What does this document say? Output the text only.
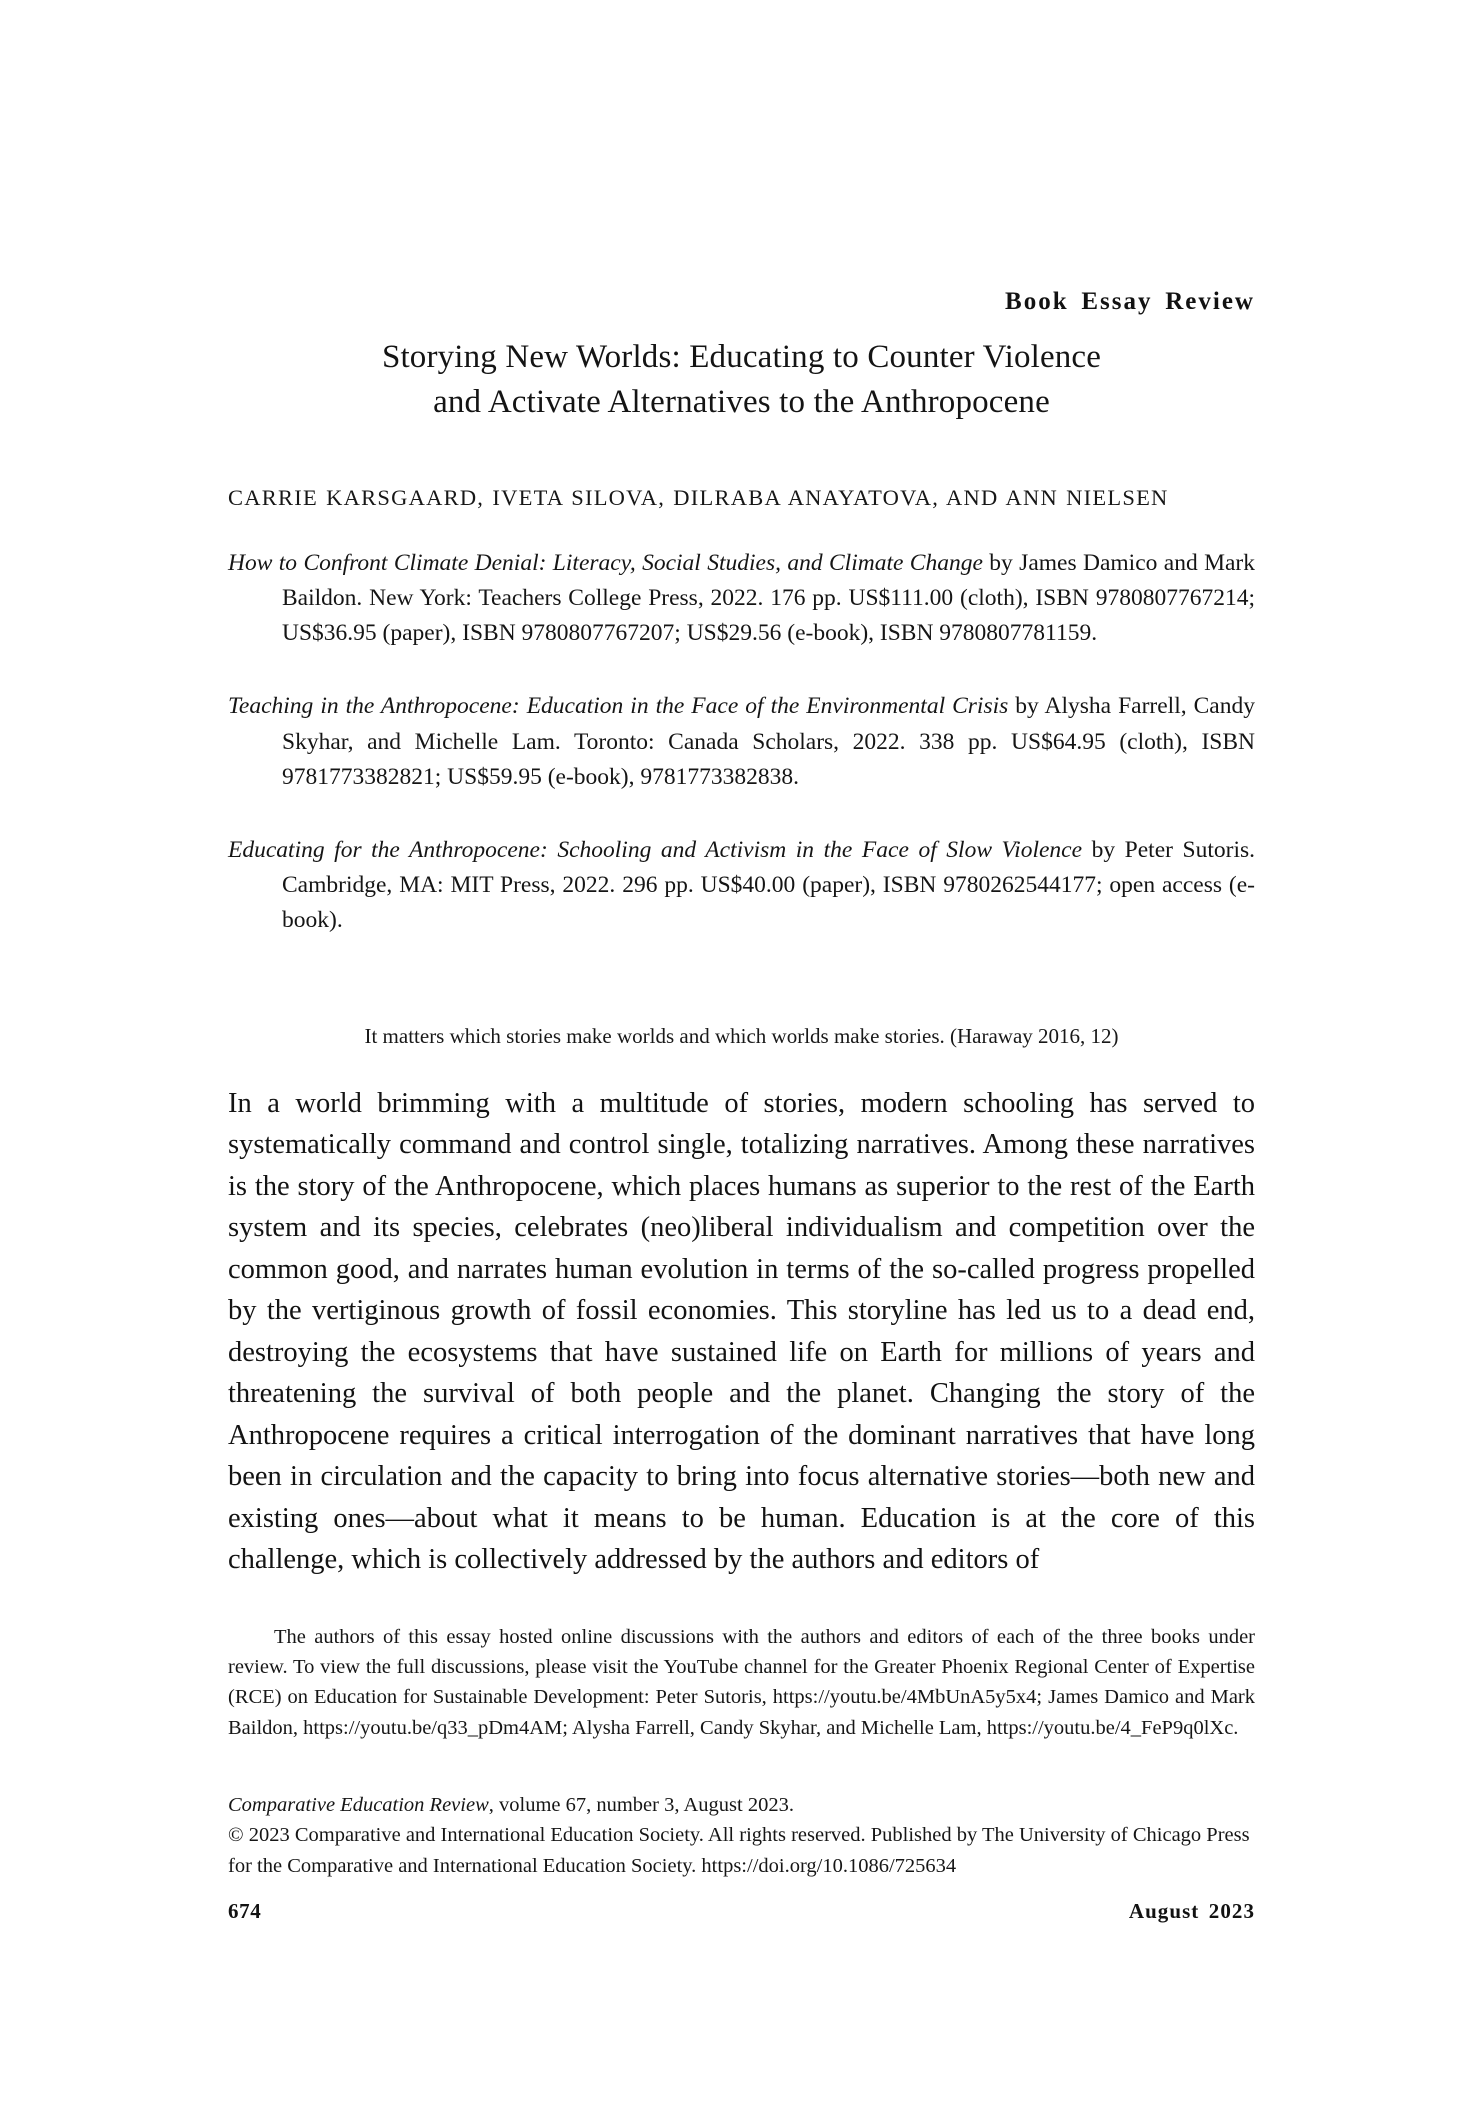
Book Essay Review
Storying New Worlds: Educating to Counter Violence
and Activate Alternatives to the Anthropocene
CARRIE KARSGAARD, IVETA SILOVA, DILRABA ANAYATOVA, AND ANN NIELSEN

How to Confront Climate Denial: Literacy, Social Studies, and Climate Change by James Damico and Mark Baildon. New York: Teachers College Press, 2022. 176 pp. US$111.00 (cloth), ISBN 9780807767214; US$36.95 (paper), ISBN 9780807767207; US$29.56 (e-book), ISBN 9780807781159.

Teaching in the Anthropocene: Education in the Face of the Environmental Crisis by Alysha Farrell, Candy Skyhar, and Michelle Lam. Toronto: Canada Scholars, 2022. 338 pp. US$64.95 (cloth), ISBN 9781773382821; US$59.95 (e-book), 9781773382838.

Educating for the Anthropocene: Schooling and Activism in the Face of Slow Violence by Peter Sutoris. Cambridge, MA: MIT Press, 2022. 296 pp. US$40.00 (paper), ISBN 9780262544177; open access (e-book).

It matters which stories make worlds and which worlds make stories. (Haraway 2016, 12)

In a world brimming with a multitude of stories, modern schooling has served to systematically command and control single, totalizing narratives. Among these narratives is the story of the Anthropocene, which places humans as superior to the rest of the Earth system and its species, celebrates (neo)liberal individualism and competition over the common good, and narrates human evolution in terms of the so-called progress propelled by the vertiginous growth of fossil economies. This storyline has led us to a dead end, destroying the ecosystems that have sustained life on Earth for millions of years and threatening the survival of both people and the planet. Changing the story of the Anthropocene requires a critical interrogation of the dominant narratives that have long been in circulation and the capacity to bring into focus alternative stories—both new and existing ones—about what it means to be human. Education is at the core of this challenge, which is collectively addressed by the authors and editors of

The authors of this essay hosted online discussions with the authors and editors of each of the three books under review. To view the full discussions, please visit the YouTube channel for the Greater Phoenix Regional Center of Expertise (RCE) on Education for Sustainable Development: Peter Sutoris, https://youtu.be/4MbUnA5y5x4; James Damico and Mark Baildon, https://youtu.be/q33_pDm4AM; Alysha Farrell, Candy Skyhar, and Michelle Lam, https://youtu.be/4_FeP9q0lXc.

Comparative Education Review, volume 67, number 3, August 2023.
© 2023 Comparative and International Education Society. All rights reserved. Published by The University of Chicago Press for the Comparative and International Education Society. https://doi.org/10.1086/725634
674	August 2023
